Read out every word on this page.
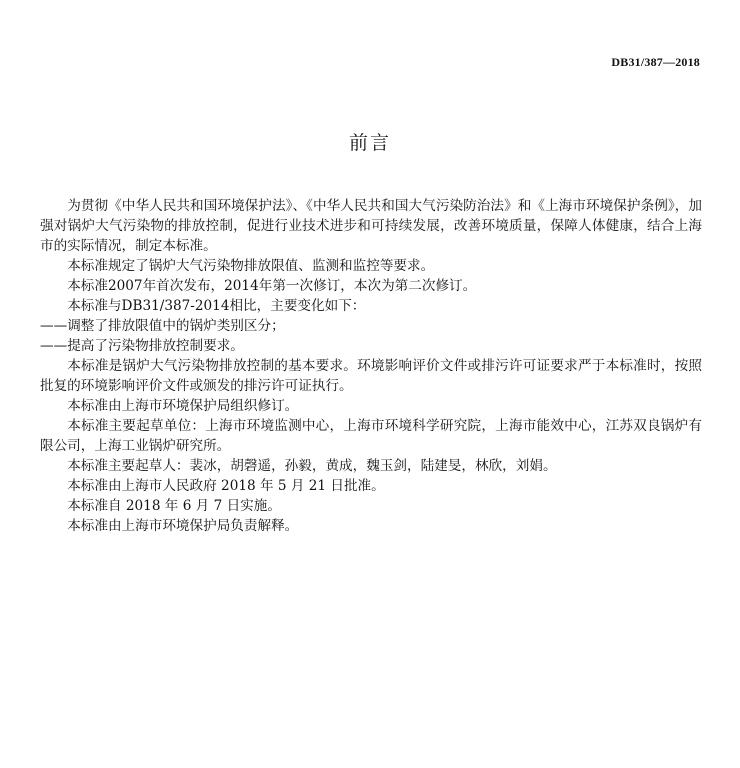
DB31/387—2018
前言

为贯彻《中华人民共和国环境保护法》、《中华人民共和国大气污染防治法》和《上海市环境保护条例》，加强对锅炉大气污染物的排放控制，促进行业技术进步和可持续发展，改善环境质量，保障人体健康，结合上海市的实际情况，制定本标准。

本标准规定了锅炉大气污染物排放限值、监测和监控等要求。

本标准2007年首次发布，2014年第一次修订，本次为第二次修订。

本标准与DB31/387-2014相比，主要变化如下：

——调整了排放限值中的锅炉类别区分；

——提高了污染物排放控制要求。

本标准是锅炉大气污染物排放控制的基本要求。环境影响评价文件或排污许可证要求严于本标准时，按照批复的环境影响评价文件或颁发的排污许可证执行。

本标准由上海市环境保护局组织修订。

本标准主要起草单位：上海市环境监测中心，上海市环境科学研究院，上海市能效中心，江苏双良锅炉有限公司，上海工业锅炉研究所。

本标准主要起草人：裴冰，胡磬遥，孙毅，黄成，魏玉剑，陆建旻，林欣，刘娟。

本标准由上海市人民政府 2018 年 5 月 21 日批准。

本标准自 2018 年 6 月 7 日实施。

本标准由上海市环境保护局负责解释。
